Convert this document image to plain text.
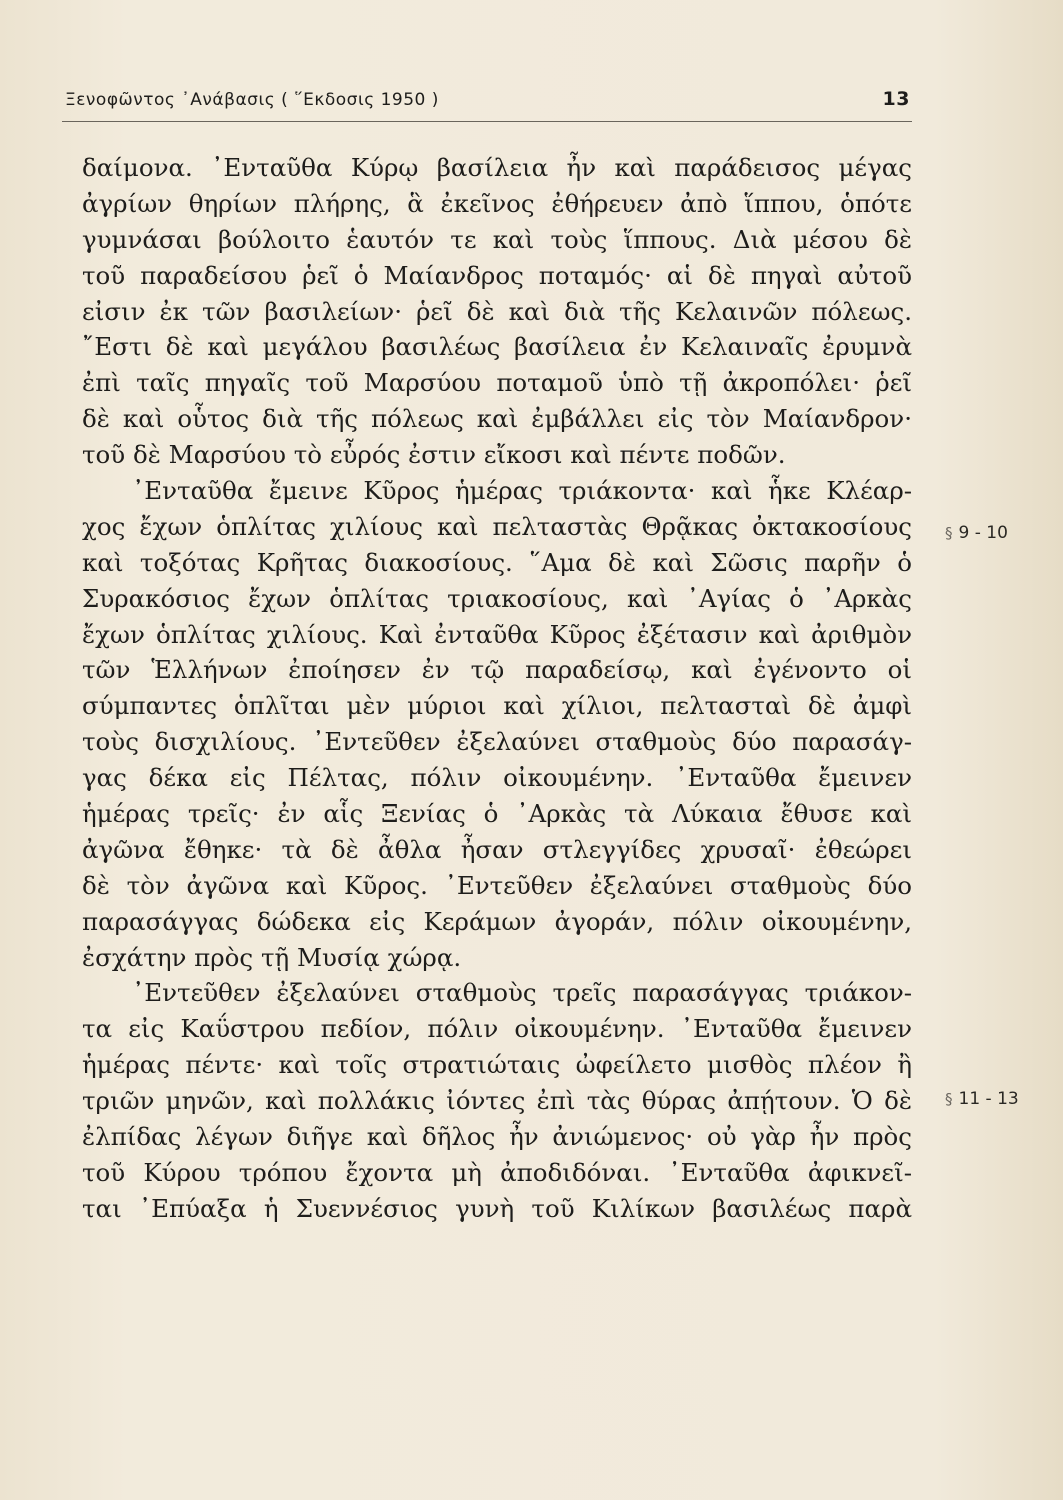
Ξενοφῶντος ᾿Ανάβασις ( ῞Εκδοσις 1950 )	13
δαίμονα. ᾿Ενταῦθα Κύρῳ βασίλεια ἦν καὶ παράδεισος μέγας
ἀγρίων θηρίων πλήρης, ἃ ἐκεῖνος ἐθήρευεν ἀπὸ ἵππου, ὁπότε
γυμνάσαι βούλοιτο ἑαυτόν τε καὶ τοὺς ἵππους. Διὰ μέσου δὲ
τοῦ παραδείσου ῥεῖ ὁ Μαίανδρος ποταμός· αἱ δὲ πηγαὶ αὐτοῦ
εἰσιν ἐκ τῶν βασιλείων· ῥεῖ δὲ καὶ διὰ τῆς Κελαινῶν πόλεως.
῎Εστι δὲ καὶ μεγάλου βασιλέως βασίλεια ἐν Κελαιναῖς ἐρυμνὰ
ἐπὶ ταῖς πηγαῖς τοῦ Μαρσύου ποταμοῦ ὑπὸ τῇ ἀκροπόλει· ῥεῖ
δὲ καὶ οὗτος διὰ τῆς πόλεως καὶ ἐμβάλλει εἰς τὸν Μαίανδρον·
τοῦ δὲ Μαρσύου τὸ εὖρός ἐστιν εἴκοσι καὶ πέντε ποδῶν.
᾿Ενταῦθα ἔμεινε Κῦρος ἡμέρας τριάκοντα· καὶ ἧκε Κλέαρ-
χος ἔχων ὁπλίτας χιλίους καὶ πελταστὰς Θρᾷκας ὀκτακοσίους
καὶ τοξότας Κρῆτας διακοσίους. ῞Αμα δὲ καὶ Σῶσις παρῆν ὁ
Συρακόσιος ἔχων ὁπλίτας τριακοσίους, καὶ ᾿Αγίας ὁ ᾿Αρκὰς
ἔχων ὁπλίτας χιλίους. Καὶ ἐνταῦθα Κῦρος ἐξέτασιν καὶ ἀριθμὸν
τῶν Ἑλλήνων ἐποίησεν ἐν τῷ παραδείσῳ, καὶ ἐγένοντο οἱ
σύμπαντες ὁπλῖται μὲν μύριοι καὶ χίλιοι, πελτασταὶ δὲ ἀμφὶ
τοὺς δισχιλίους. ᾿Εντεῦθεν ἐξελαύνει σταθμοὺς δύο παρασάγ-
γας δέκα εἰς Πέλτας, πόλιν οἰκουμένην. ᾿Ενταῦθα ἔμεινεν
ἡμέρας τρεῖς· ἐν αἷς Ξενίας ὁ ᾿Αρκὰς τὰ Λύκαια ἔθυσε καὶ
ἀγῶνα ἔθηκε· τὰ δὲ ἆθλα ἦσαν στλεγγίδες χρυσαῖ· ἐθεώρει
δὲ τὸν ἀγῶνα καὶ Κῦρος. ᾿Εντεῦθεν ἐξελαύνει σταθμοὺς δύο
παρασάγγας δώδεκα εἰς Κεράμων ἀγοράν, πόλιν οἰκουμένην,
ἐσχάτην πρὸς τῇ Μυσίᾳ χώρᾳ.
᾿Εντεῦθεν ἐξελαύνει σταθμοὺς τρεῖς παρασάγγας τριάκον-
τα εἰς Καΰστρου πεδίον, πόλιν οἰκουμένην. ᾿Ενταῦθα ἔμεινεν
ἡμέρας πέντε· καὶ τοῖς στρατιώταις ὠφείλετο μισθὸς πλέον ἢ
τριῶν μηνῶν, καὶ πολλάκις ἰόντες ἐπὶ τὰς θύρας ἀπῄτουν. Ὁ δὲ
ἐλπίδας λέγων διῆγε καὶ δῆλος ἦν ἀνιώμενος· οὐ γὰρ ἦν πρὸς
τοῦ Κύρου τρόπου ἔχοντα μὴ ἀποδιδόναι. ᾿Ενταῦθα ἀφικνεῖ-
ται ᾿Επύαξα ἡ Συεννέσιος γυνὴ τοῦ Κιλίκων βασιλέως παρὰ
§ 9 - 10
§ 11 - 13
